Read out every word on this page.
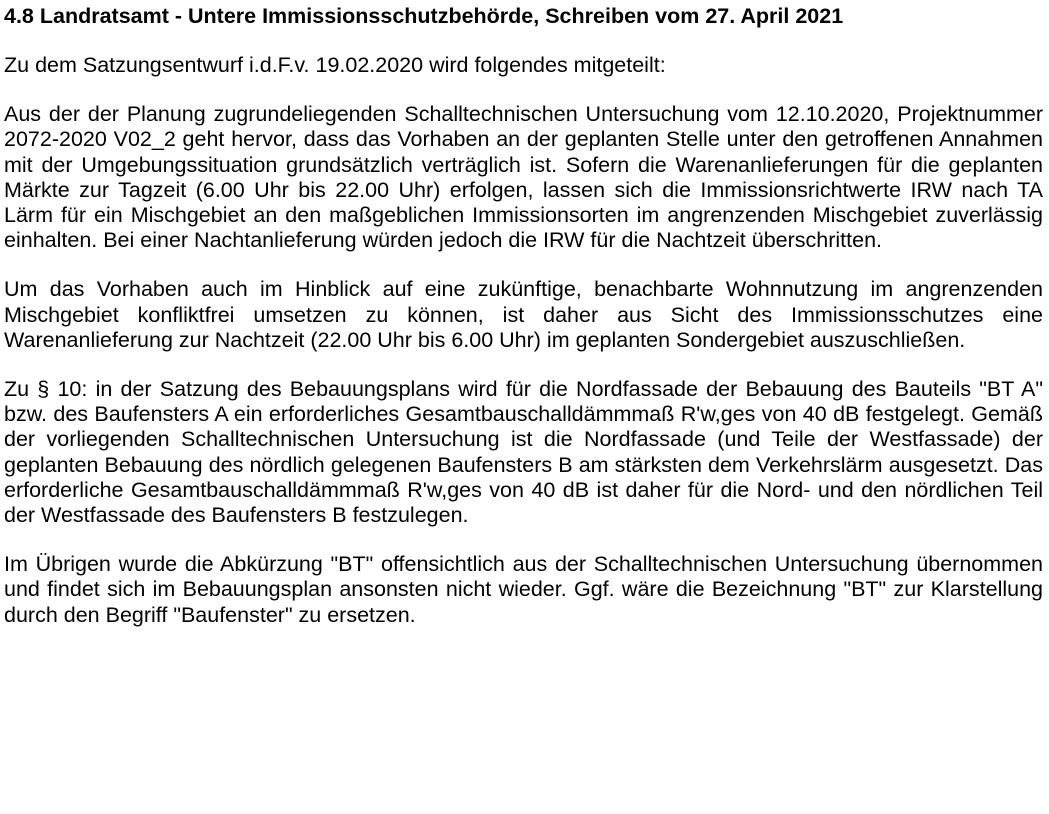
4.8 Landratsamt - Untere Immissionsschutzbehörde, Schreiben vom 27. April 2021

Zu dem Satzungsentwurf i.d.F.v. 19.02.2020 wird folgendes mitgeteilt:

Aus der der Planung zugrundeliegenden Schalltechnischen Untersuchung vom 12.10.2020, Projektnummer 2072-2020 V02_2 geht hervor, dass das Vorhaben an der geplanten Stelle unter den getroffenen Annahmen mit der Umgebungssituation grundsätzlich verträglich ist. Sofern die Warenanlieferungen für die geplanten Märkte zur Tagzeit (6.00 Uhr bis 22.00 Uhr) erfolgen, lassen sich die Immissionsrichtwerte IRW nach TA Lärm für ein Mischgebiet an den maßgeblichen Immissionsorten im angrenzenden Mischgebiet zuverlässig einhalten. Bei einer Nachtanlieferung würden jedoch die IRW für die Nachtzeit überschritten.

Um das Vorhaben auch im Hinblick auf eine zukünftige, benachbarte Wohnnutzung im angrenzenden Mischgebiet konfliktfrei umsetzen zu können, ist daher aus Sicht des Immissionsschutzes eine Warenanlieferung zur Nachtzeit (22.00 Uhr bis 6.00 Uhr) im geplanten Sondergebiet auszuschließen.

Zu § 10: in der Satzung des Bebauungsplans wird für die Nordfassade der Bebauung des Bauteils "BT A" bzw. des Baufensters A ein erforderliches Gesamtbauschalldämmmaß R'w,ges von 40 dB festgelegt. Gemäß der vorliegenden Schalltechnischen Untersuchung ist die Nordfassade (und Teile der Westfassade) der geplanten Bebauung des nördlich gelegenen Baufensters B am stärksten dem Verkehrslärm ausgesetzt. Das erforderliche Gesamtbauschalldämmmaß R'w,ges von 40 dB ist daher für die Nord- und den nördlichen Teil der Westfassade des Baufensters B festzulegen.

Im Übrigen wurde die Abkürzung "BT" offensichtlich aus der Schalltechnischen Untersuchung übernommen und findet sich im Bebauungsplan ansonsten nicht wieder. Ggf. wäre die Bezeichnung "BT" zur Klarstellung durch den Begriff "Baufenster" zu ersetzen.
